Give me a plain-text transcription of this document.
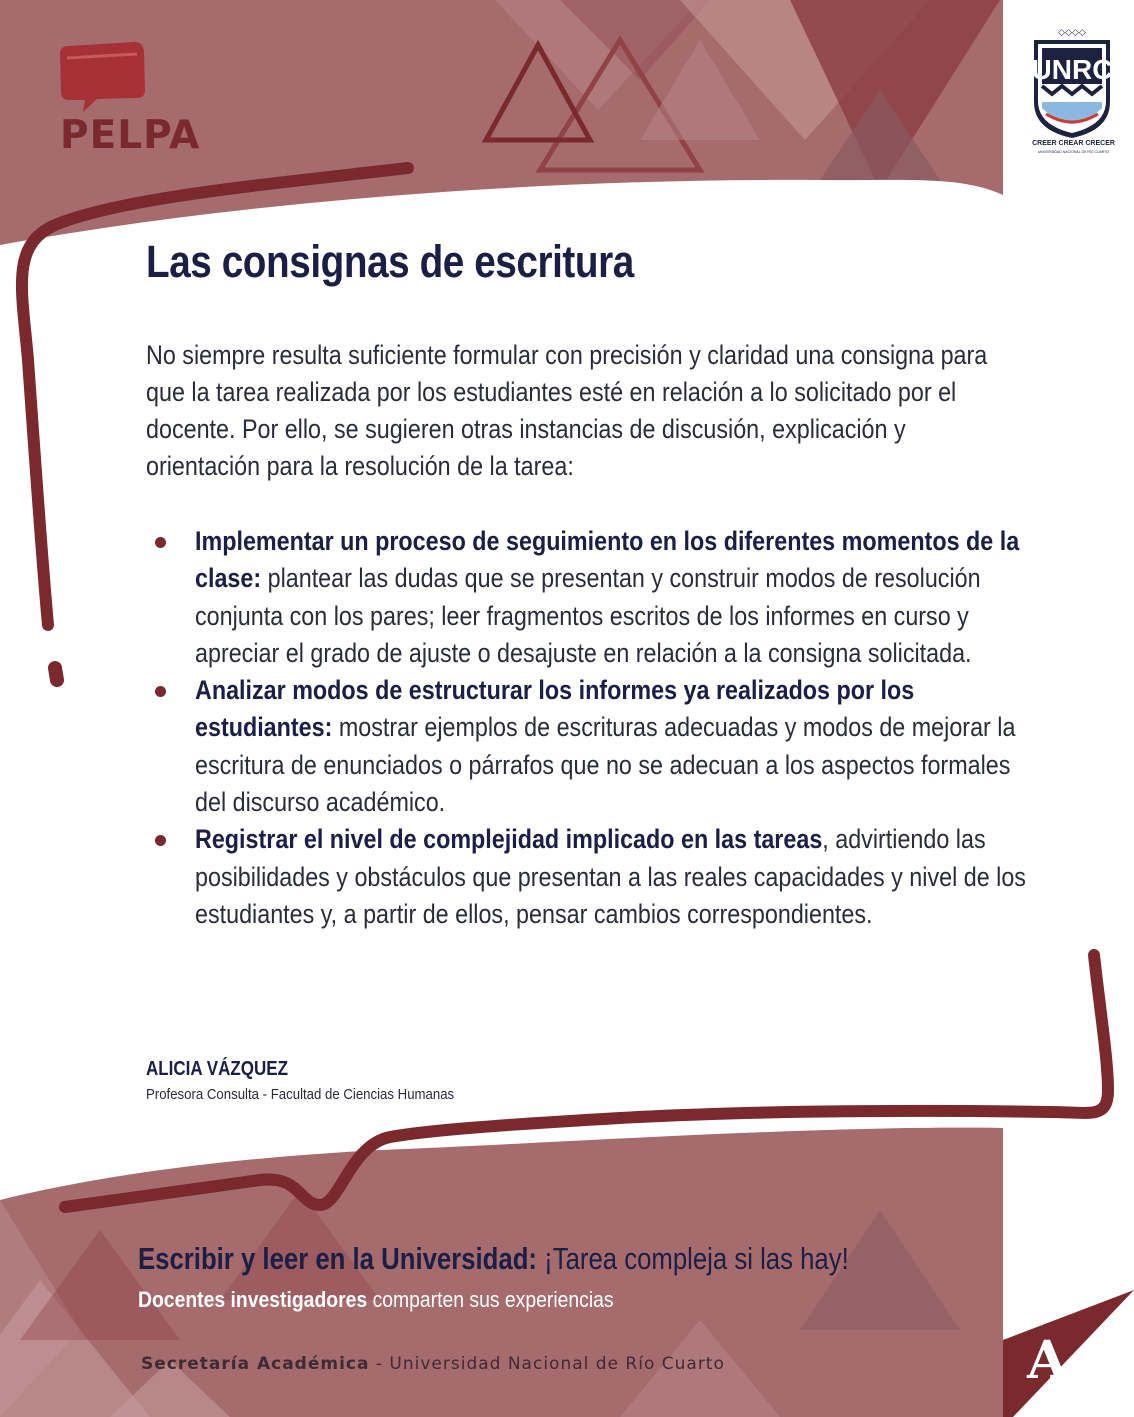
PELPA
◇◇◇◇
UNRC
CREER CREAR CRECER
UNIVERSIDAD NACIONAL DE RÍO CUARTO
Las consignas de escritura

No siempre resulta suficiente formular con precisión y claridad una consigna para que la tarea realizada por los estudiantes esté en relación a lo solicitado por el docente. Por ello, se sugieren otras instancias de discusión, explicación y orientación para la resolución de la tarea:

Implementar un proceso de seguimiento en los diferentes momentos de la clase: plantear las dudas que se presentan y construir modos de resolución conjunta con los pares; leer fragmentos escritos de los informes en curso y apreciar el grado de ajuste o desajuste en relación a la consigna solicitada.
Analizar modos de estructurar los informes ya realizados por los estudiantes: mostrar ejemplos de escrituras adecuadas y modos de mejorar la escritura de enunciados o párrafos que no se adecuan a los aspectos formales del discurso académico.
Registrar el nivel de complejidad implicado en las tareas, advirtiendo las posibilidades y obstáculos que presentan a las reales capacidades y nivel de los estudiantes y, a partir de ellos, pensar cambios correspondientes.
ALICIA VÁZQUEZ
Profesora Consulta - Facultad de Ciencias Humanas
Escribir y leer en la Universidad: ¡Tarea compleja si las hay!
Docentes investigadores comparten sus experiencias
Secretaría Académica - Universidad Nacional de Río Cuarto	A
